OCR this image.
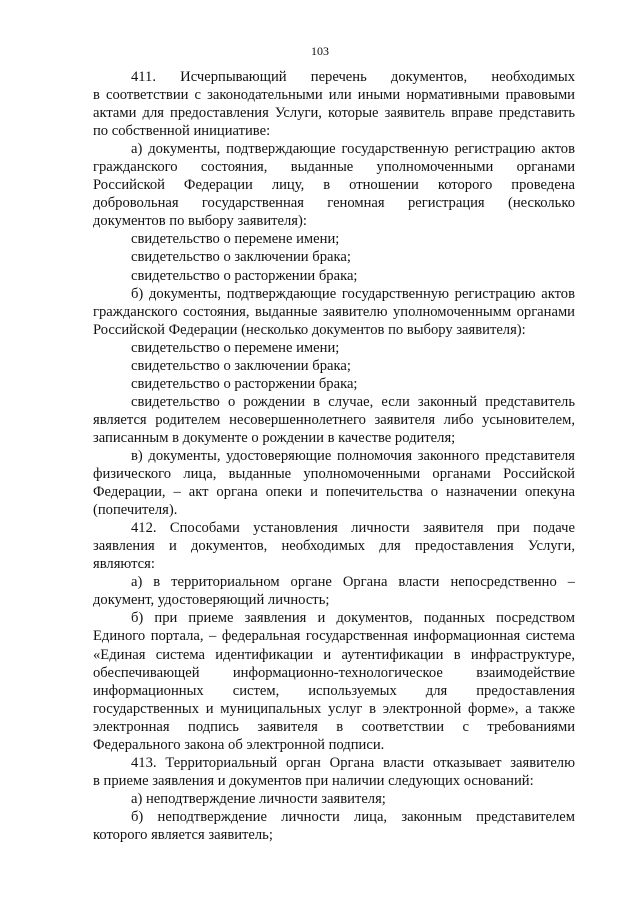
103
411. Исчерпывающий перечень документов, необходимых
в соответствии с законодательными или иными нормативными правовыми
актами для предоставления Услуги, которые заявитель вправе представить
по собственной инициативе:
а) документы, подтверждающие государственную регистрацию актов
гражданского состояния, выданные уполномоченными органами
Российской Федерации лицу, в отношении которого проведена
добровольная государственная геномная регистрация (несколько
документов по выбору заявителя):
свидетельство о перемене имени;
свидетельство о заключении брака;
свидетельство о расторжении брака;
б) документы, подтверждающие государственную регистрацию актов
гражданского состояния, выданные заявителю уполномоченнымм органами
Российской Федерации (несколько документов по выбору заявителя):
свидетельство о перемене имени;
свидетельство о заключении брака;
свидетельство о расторжении брака;
свидетельство о рождении в случае, если законный представитель
является родителем несовершеннолетнего заявителя либо усыновителем,
записанным в документе о рождении в качестве родителя;
в) документы, удостоверяющие полномочия законного представителя
физического лица, выданные уполномоченными органами Российской
Федерации, – акт органа опеки и попечительства о назначении опекуна
(попечителя).
412. Способами установления личности заявителя при подаче
заявления и документов, необходимых для предоставления Услуги,
являются:
а) в территориальном органе Органа власти непосредственно –
документ, удостоверяющий личность;
б) при приеме заявления и документов, поданных посредством
Единого портала, – федеральная государственная информационная система
«Единая система идентификации и аутентификации в инфраструктуре,
обеспечивающей информационно-технологическое взаимодействие
информационных систем, используемых для предоставления
государственных и муниципальных услуг в электронной форме», а также
электронная подпись заявителя в соответствии с требованиями
Федерального закона об электронной подписи.
413. Территориальный орган Органа власти отказывает заявителю
в приеме заявления и документов при наличии следующих оснований:
а) неподтверждение личности заявителя;
б) неподтверждение личности лица, законным представителем
которого является заявитель;
